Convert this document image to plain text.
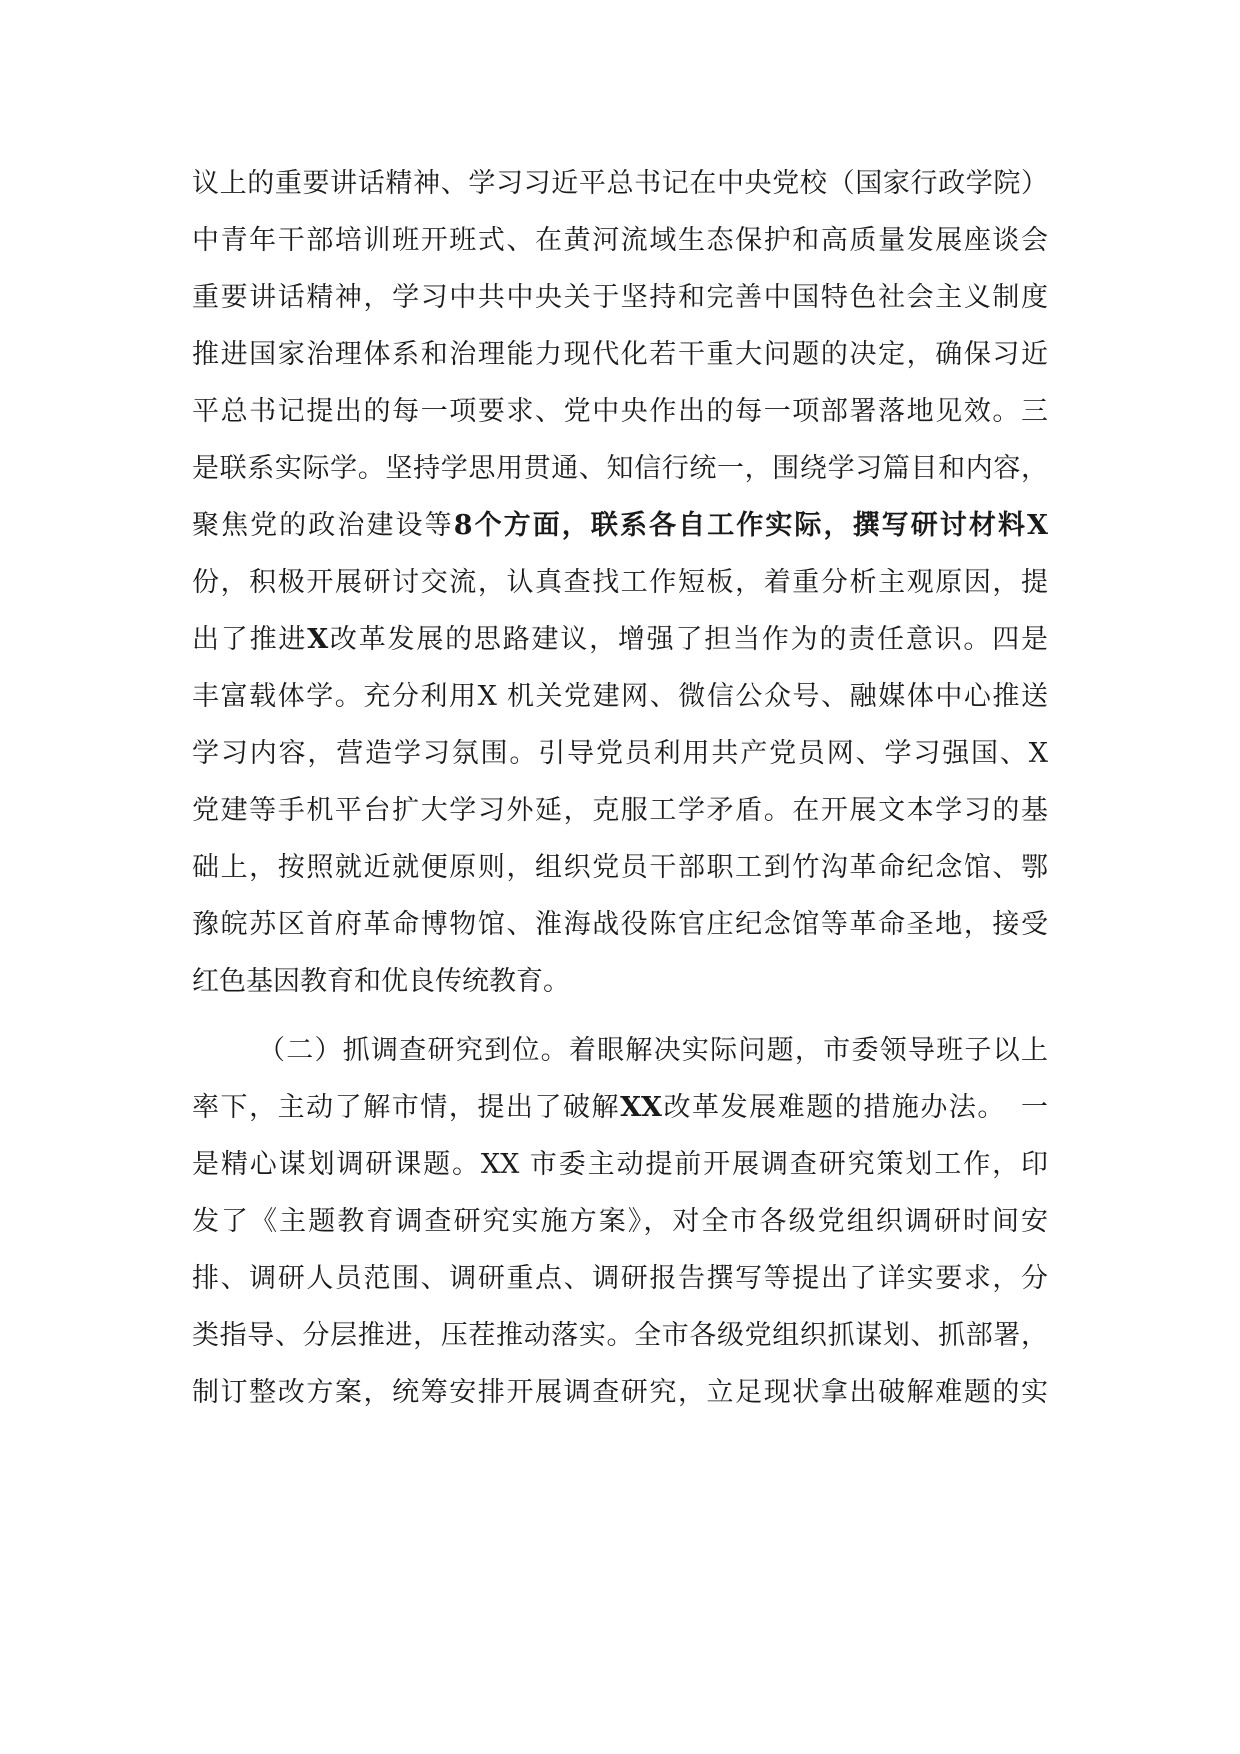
议上的重要讲话精神、学习习近平总书记在中央党校（国家行政学院）
中青年干部培训班开班式、在黄河流域生态保护和高质量发展座谈会
重要讲话精神，学习中共中央关于坚持和完善中国特色社会主义制度
推进国家治理体系和治理能力现代化若干重大问题的决定，确保习近
平总书记提出的每一项要求、党中央作出的每一项部署落地见效。三
是联系实际学。坚持学思用贯通、知信行统一，围绕学习篇目和内容，
聚焦党的政治建设等8个方面，联系各自工作实际，撰写研讨材料X
份，积极开展研讨交流，认真查找工作短板，着重分析主观原因，提
出了推进X改革发展的思路建议，增强了担当作为的责任意识。四是
丰富载体学。充分利用X 机关党建网、微信公众号、融媒体中心推送
学习内容，营造学习氛围。引导党员利用共产党员网、学习强国、X
党建等手机平台扩大学习外延，克服工学矛盾。在开展文本学习的基
础上，按照就近就便原则，组织党员干部职工到竹沟革命纪念馆、鄂
豫皖苏区首府革命博物馆、淮海战役陈官庄纪念馆等革命圣地，接受
红色基因教育和优良传统教育。
（二）抓调查研究到位。着眼解决实际问题，市委领导班子以上
率下，主动了解市情，提出了破解XX改革发展难题的措施办法。　一
是精心谋划调研课题。XX 市委主动提前开展调查研究策划工作，印
发了《主题教育调查研究实施方案》，对全市各级党组织调研时间安
排、调研人员范围、调研重点、调研报告撰写等提出了详实要求，分
类指导、分层推进，压茬推动落实。全市各级党组织抓谋划、抓部署，
制订整改方案，统筹安排开展调查研究，立足现状拿出破解难题的实
